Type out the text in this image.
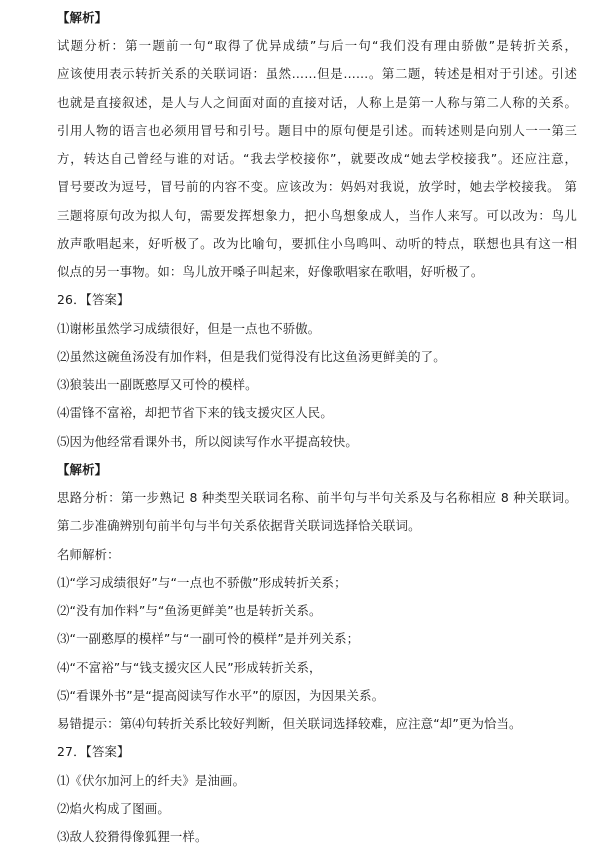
【解析】
试题分析：第一题前一句“取得了优异成绩”与后一句“我们没有理由骄傲”是转折关系，
应该使用表示转折关系的关联词语：虽然……但是……。第二题，转述是相对于引述。引述
也就是直接叙述，是人与人之间面对面的直接对话，人称上是第一人称与第二人称的关系。
引用人物的语言也必须用冒号和引号。题目中的原句便是引述。而转述则是向别人一一第三
方，转达自己曾经与谁的对话。“我去学校接你”，就要改成“她去学校接我”。还应注意，
冒号要改为逗号，冒号前的内容不变。应该改为：妈妈对我说，放学时，她去学校接我。 第
三题将原句改为拟人句，需要发挥想象力，把小鸟想象成人，当作人来写。可以改为：鸟儿
放声歌唱起来，好听极了。改为比喻句，要抓住小鸟鸣叫、动听的特点，联想也具有这一相
似点的另一事物。如：鸟儿放开嗓子叫起来，好像歌唱家在歌唱，好听极了。
26．【答案】
⑴谢彬虽然学习成绩很好，但是一点也不骄傲。
⑵虽然这碗鱼汤没有加作料，但是我们觉得没有比这鱼汤更鲜美的了。
⑶狼装出一副既憨厚又可怜的模样。
⑷雷锋不富裕，却把节省下来的钱支援灾区人民。
⑸因为他经常看课外书，所以阅读写作水平提高较快。
【解析】
思路分析：第一步熟记 8 种类型关联词名称、前半句与半句关系及与名称相应 8 种关联词。
第二步准确辨别句前半句与半句关系依据背关联词选择恰关联词。
名师解析：
⑴“学习成绩很好”与“一点也不骄傲”形成转折关系；
⑵“没有加作料”与“鱼汤更鲜美”也是转折关系。
⑶“一副憨厚的模样”与“一副可怜的模样”是并列关系；
⑷“不富裕”与“钱支援灾区人民”形成转折关系，
⑸“看课外书”是“提高阅读写作水平”的原因，为因果关系。
易错提示：第⑷句转折关系比较好判断，但关联词选择较难，应注意“却”更为恰当。
27．【答案】
⑴《伏尔加河上的纤夫》是油画。
⑵焰火构成了图画。
⑶敌人狡猾得像狐狸一样。
